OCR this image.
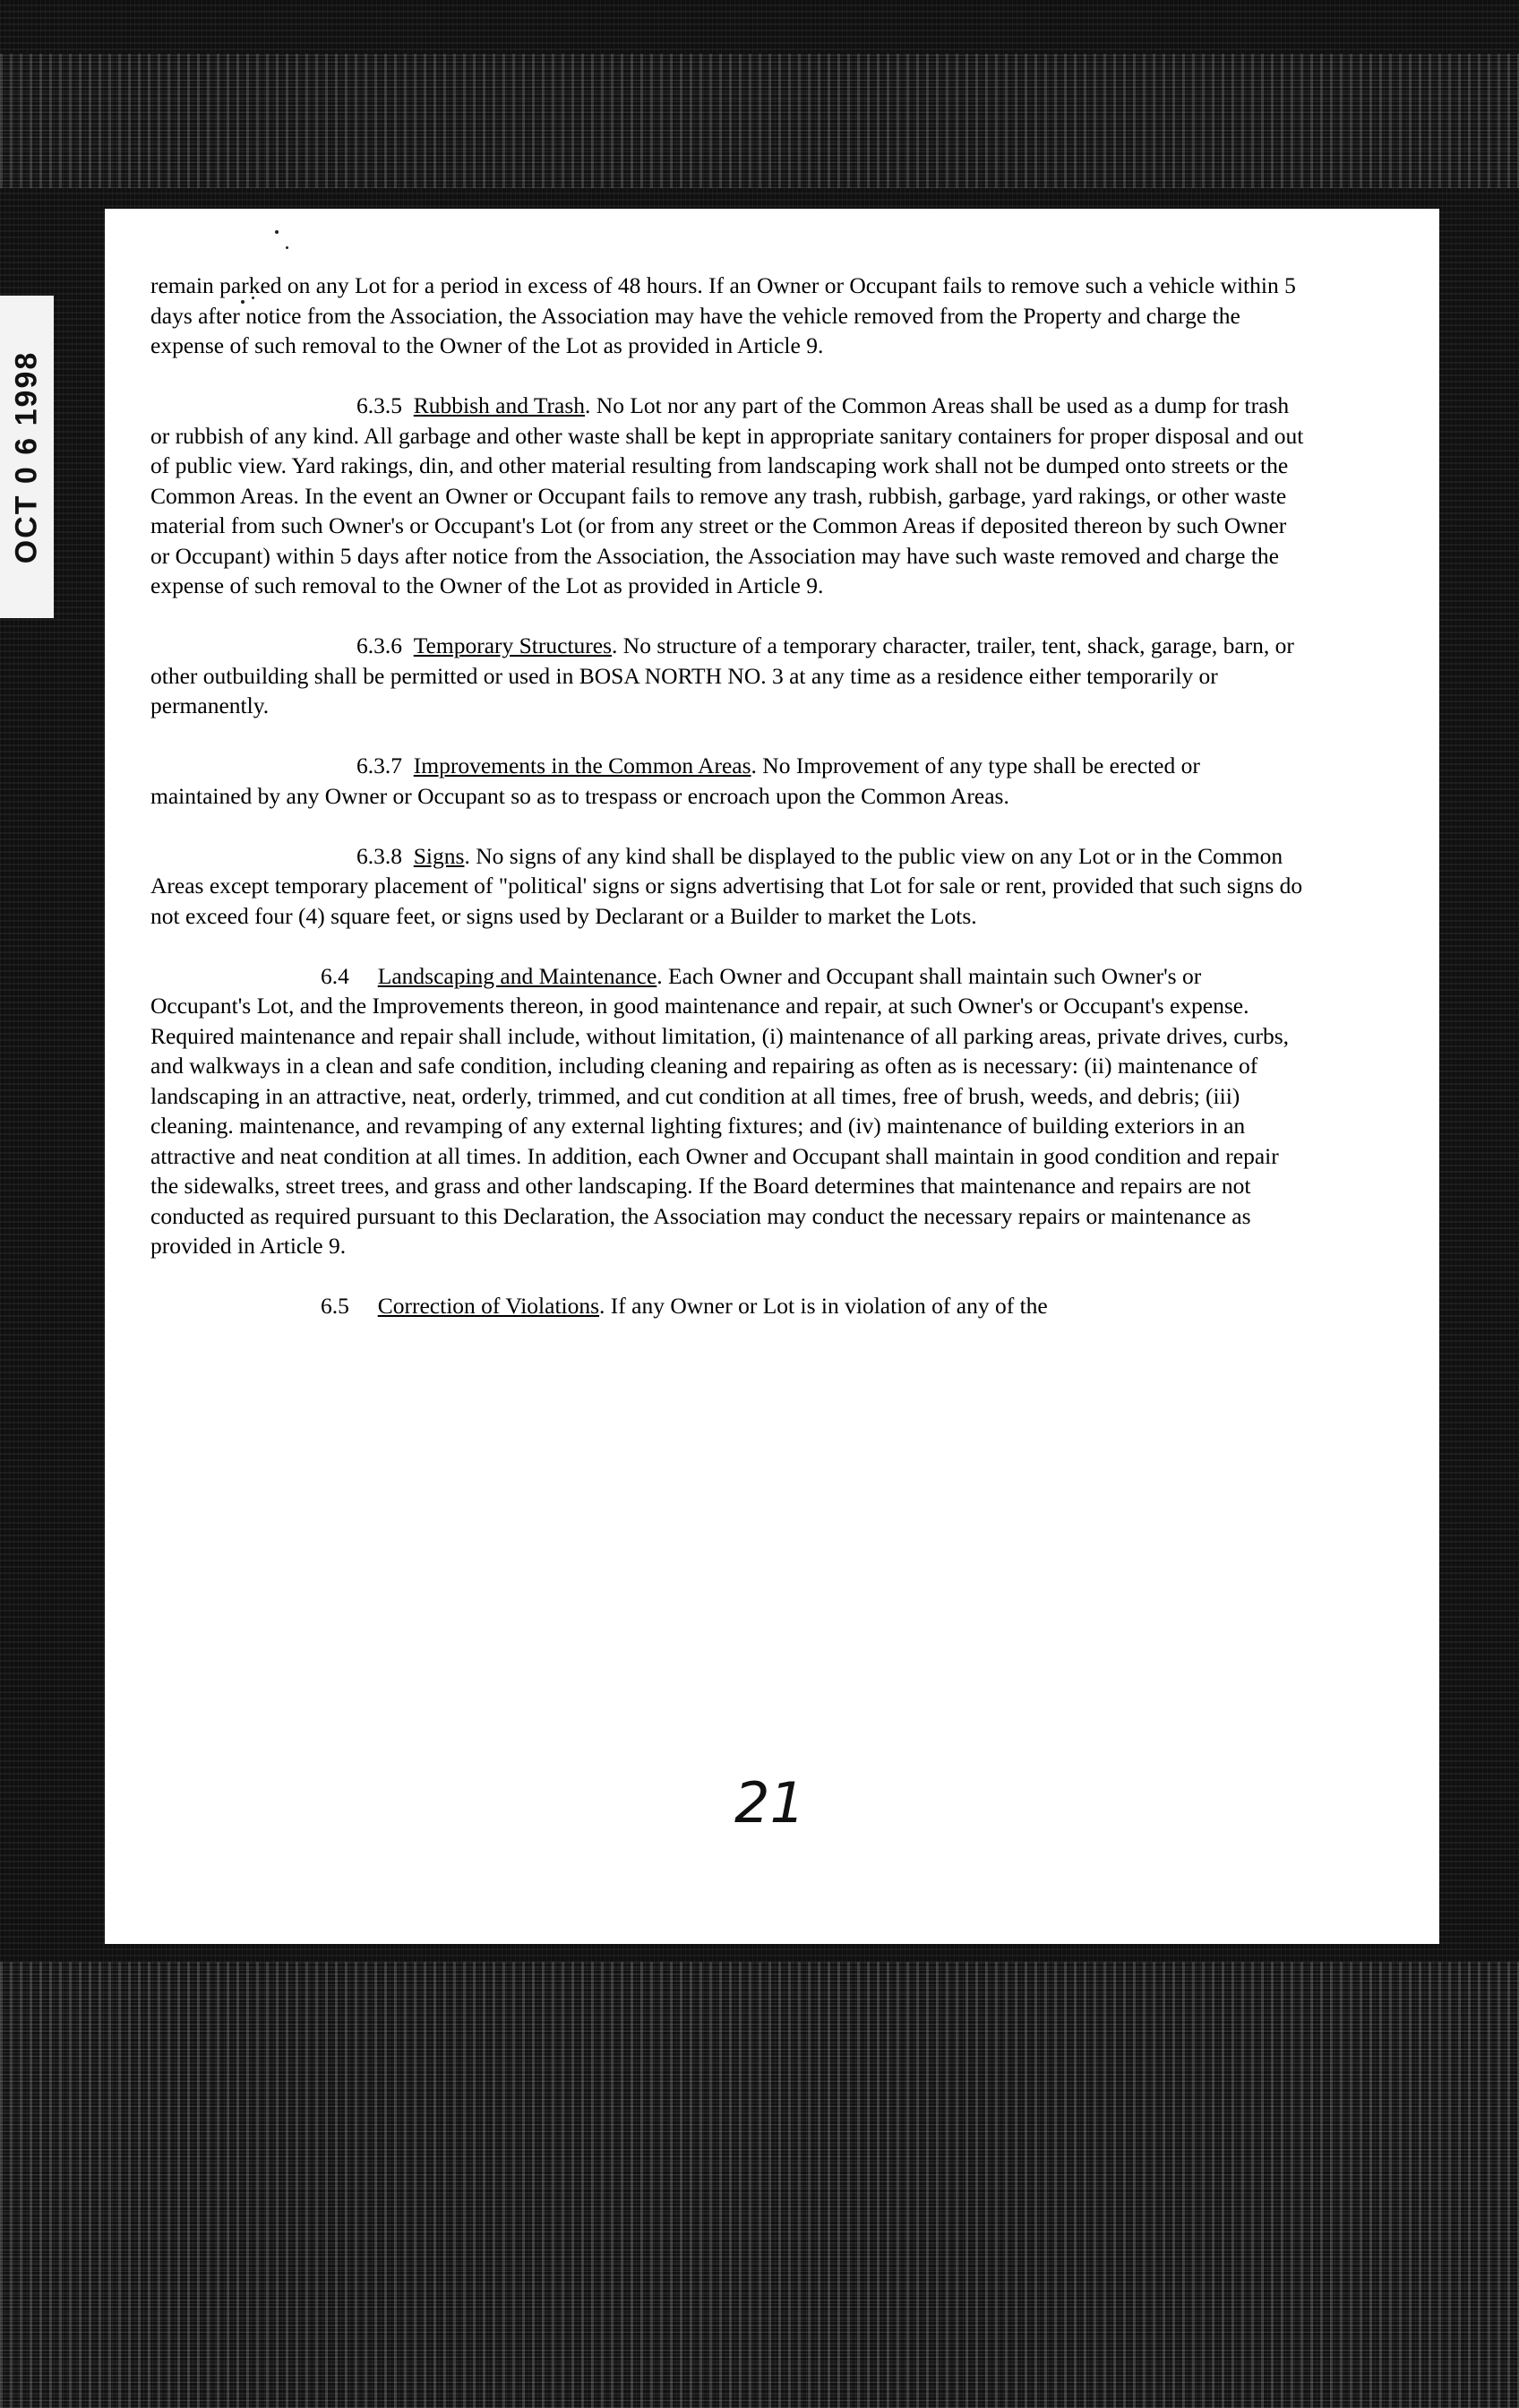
OCT 0 6 1998

remain parked on any Lot for a period in excess of 48 hours. If an Owner or Occupant fails to remove such a vehicle within 5 days after notice from the Association, the Association may have the vehicle removed from the Property and charge the expense of such removal to the Owner of the Lot as provided in Article 9.

6.3.5 Rubbish and Trash. No Lot nor any part of the Common Areas shall be used as a dump for trash or rubbish of any kind. All garbage and other waste shall be kept in appropriate sanitary containers for proper disposal and out of public view. Yard rakings, din, and other material resulting from landscaping work shall not be dumped onto streets or the Common Areas. In the event an Owner or Occupant fails to remove any trash, rubbish, garbage, yard rakings, or other waste material from such Owner's or Occupant's Lot (or from any street or the Common Areas if deposited thereon by such Owner or Occupant) within 5 days after notice from the Association, the Association may have such waste removed and charge the expense of such removal to the Owner of the Lot as provided in Article 9.

6.3.6 Temporary Structures. No structure of a temporary character, trailer, tent, shack, garage, barn, or other outbuilding shall be permitted or used in BOSA NORTH NO. 3 at any time as a residence either temporarily or permanently.

6.3.7 Improvements in the Common Areas. No Improvement of any type shall be erected or maintained by any Owner or Occupant so as to trespass or encroach upon the Common Areas.

6.3.8 Signs. No signs of any kind shall be displayed to the public view on any Lot or in the Common Areas except temporary placement of "political' signs or signs advertising that Lot for sale or rent, provided that such signs do not exceed four (4) square feet, or signs used by Declarant or a Builder to market the Lots.

6.4 Landscaping and Maintenance. Each Owner and Occupant shall maintain such Owner's or Occupant's Lot, and the Improvements thereon, in good maintenance and repair, at such Owner's or Occupant's expense. Required maintenance and repair shall include, without limitation, (i) maintenance of all parking areas, private drives, curbs, and walkways in a clean and safe condition, including cleaning and repairing as often as is necessary: (ii) maintenance of landscaping in an attractive, neat, orderly, trimmed, and cut condition at all times, free of brush, weeds, and debris; (iii) cleaning. maintenance, and revamping of any external lighting fixtures; and (iv) maintenance of building exteriors in an attractive and neat condition at all times. In addition, each Owner and Occupant shall maintain in good condition and repair the sidewalks, street trees, and grass and other landscaping. If the Board determines that maintenance and repairs are not conducted as required pursuant to this Declaration, the Association may conduct the necessary repairs or maintenance as provided in Article 9.

6.5 Correction of Violations. If any Owner or Lot is in violation of any of the

21
